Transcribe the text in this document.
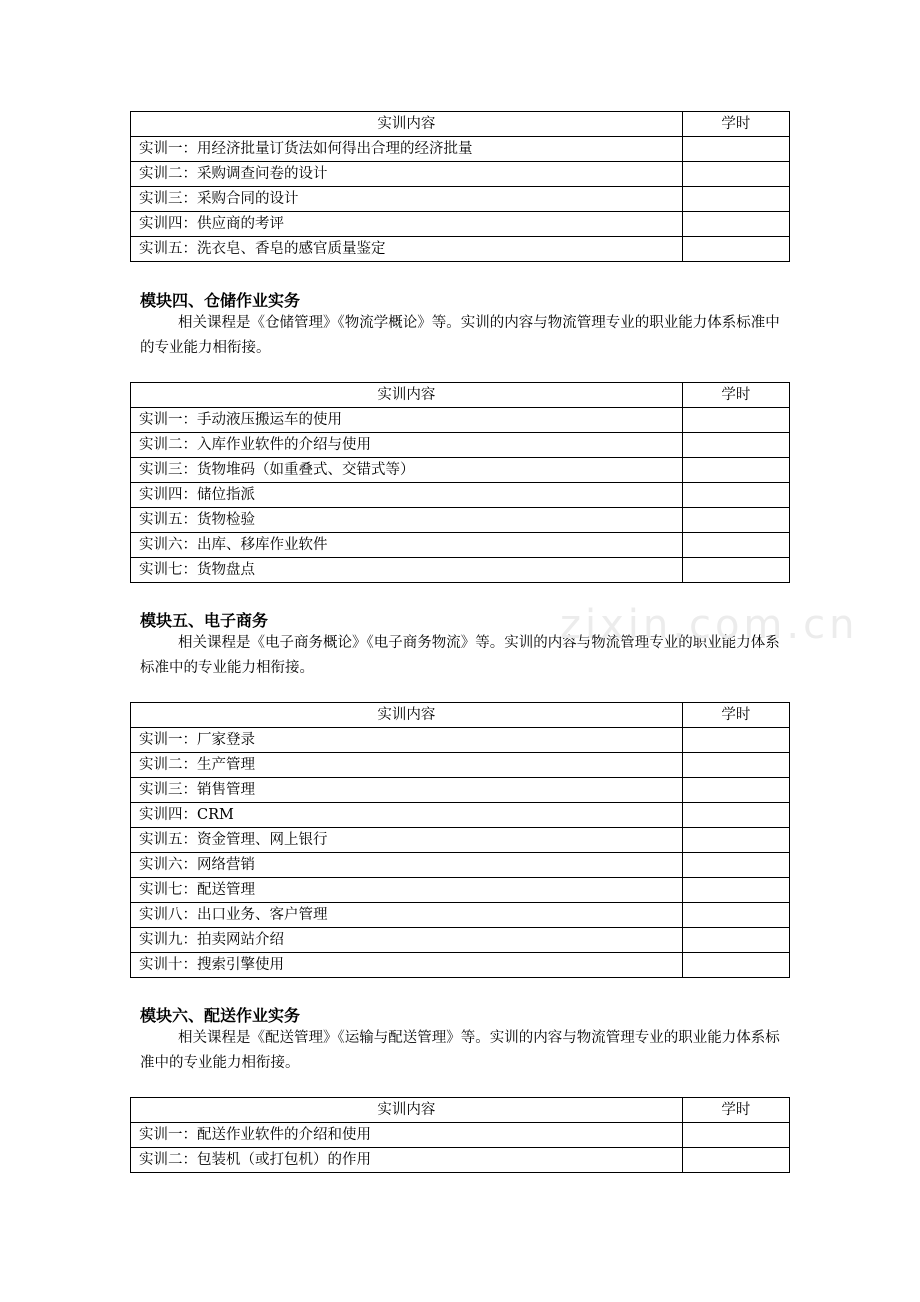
实训内容	学时
实训一：用经济批量订货法如何得出合理的经济批量	
实训二：采购调查问卷的设计	
实训三：采购合同的设计	
实训四：供应商的考评	
实训五：洗衣皂、香皂的感官质量鉴定	
模块四、仓储作业实务

相关课程是《仓储管理》《物流学概论》等。实训的内容与物流管理专业的职业能力体系标准中的专业能力相衔接。

实训内容	学时
实训一：手动液压搬运车的使用	
实训二：入库作业软件的介绍与使用	
实训三：货物堆码（如重叠式、交错式等）	
实训四：储位指派	
实训五：货物检验	
实训六：出库、移库作业软件	
实训七：货物盘点	
模块五、电子商务

相关课程是《电子商务概论》《电子商务物流》等。实训的内容与物流管理专业的职业能力体系标准中的专业能力相衔接。

实训内容	学时
实训一：厂家登录	
实训二：生产管理	
实训三：销售管理	
实训四：CRM	
实训五：资金管理、网上银行	
实训六：网络营销	
实训七：配送管理	
实训八：出口业务、客户管理	
实训九：拍卖网站介绍	
实训十：搜索引擎使用	
模块六、配送作业实务

相关课程是《配送管理》《运输与配送管理》等。实训的内容与物流管理专业的职业能力体系标准中的专业能力相衔接。

实训内容	学时
实训一：配送作业软件的介绍和使用	
实训二：包装机（或打包机）的作用	
zixin.com.cn
